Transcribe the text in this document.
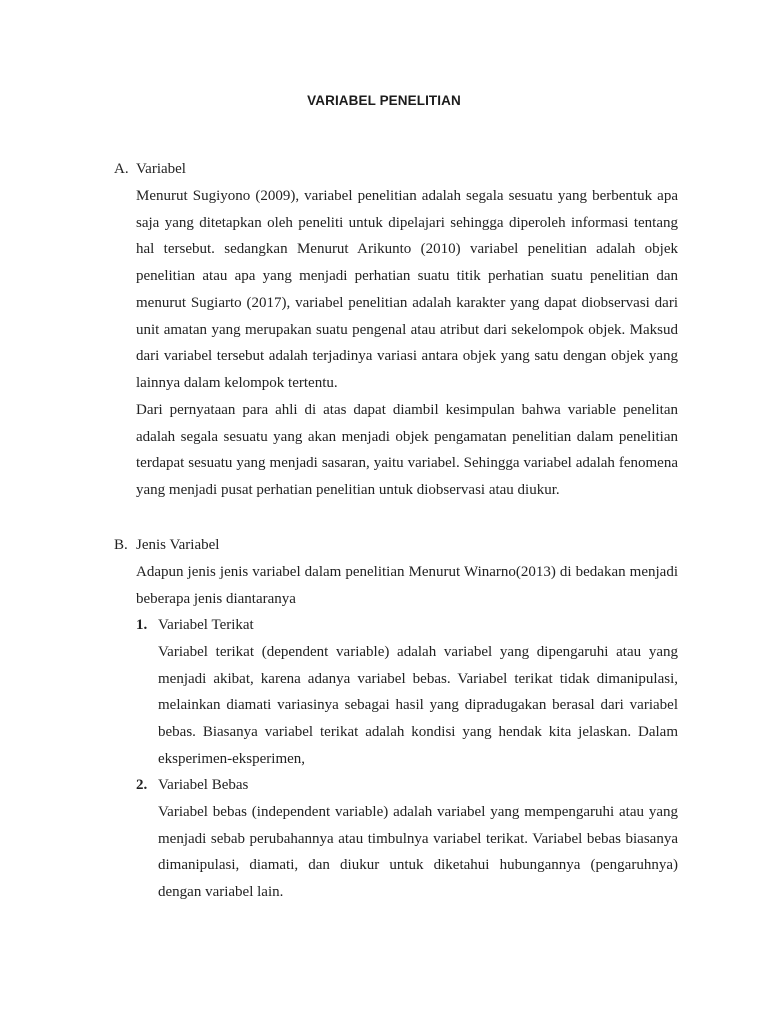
VARIABEL PENELITIAN
A. Variabel
Menurut Sugiyono (2009), variabel penelitian adalah segala sesuatu yang berbentuk apa saja yang ditetapkan oleh peneliti untuk dipelajari sehingga diperoleh informasi tentang hal tersebut. sedangkan Menurut Arikunto (2010) variabel penelitian adalah objek penelitian atau apa yang menjadi perhatian suatu titik perhatian suatu penelitian dan menurut Sugiarto (2017), variabel penelitian adalah karakter yang dapat diobservasi dari unit amatan yang merupakan suatu pengenal atau atribut dari sekelompok objek. Maksud dari variabel tersebut adalah terjadinya variasi antara objek yang satu dengan objek yang lainnya dalam kelompok tertentu.
Dari pernyataan para ahli di atas dapat diambil kesimpulan bahwa variable penelitan adalah segala sesuatu yang akan menjadi objek pengamatan penelitian dalam penelitian terdapat sesuatu yang menjadi sasaran, yaitu variabel. Sehingga variabel adalah fenomena yang menjadi pusat perhatian penelitian untuk diobservasi atau diukur.
B. Jenis Variabel
Adapun jenis jenis variabel dalam penelitian Menurut Winarno(2013) di bedakan menjadi beberapa jenis diantaranya
1. Variabel Terikat
Variabel terikat (dependent variable) adalah variabel yang dipengaruhi atau yang menjadi akibat, karena adanya variabel bebas. Variabel terikat tidak dimanipulasi, melainkan diamati variasinya sebagai hasil yang dipradugakan berasal dari variabel bebas. Biasanya variabel terikat adalah kondisi yang hendak kita jelaskan. Dalam eksperimen-eksperimen,
2. Variabel Bebas
Variabel bebas (independent variable) adalah variabel yang mempengaruhi atau yang menjadi sebab perubahannya atau timbulnya variabel terikat. Variabel bebas biasanya dimanipulasi, diamati, dan diukur untuk diketahui hubungannya (pengaruhnya) dengan variabel lain.
